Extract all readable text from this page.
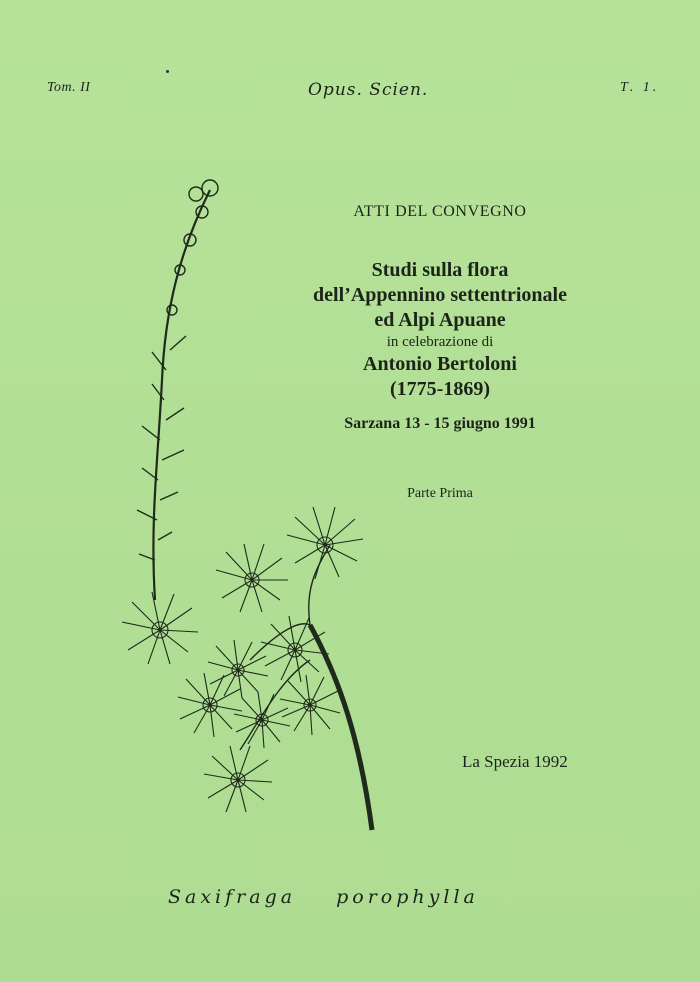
Tom. II	Opus. Scien.	T. 1.
ATTI DEL CONVEGNO
Studi sulla flora
dell’Appennino settentrionale
ed Alpi Apuane
in celebrazione di
Antonio Bertoloni
(1775-1869)
Sarzana 13 - 15 giugno 1991
Parte Prima
La Spezia 1992
Saxifraga porophylla
